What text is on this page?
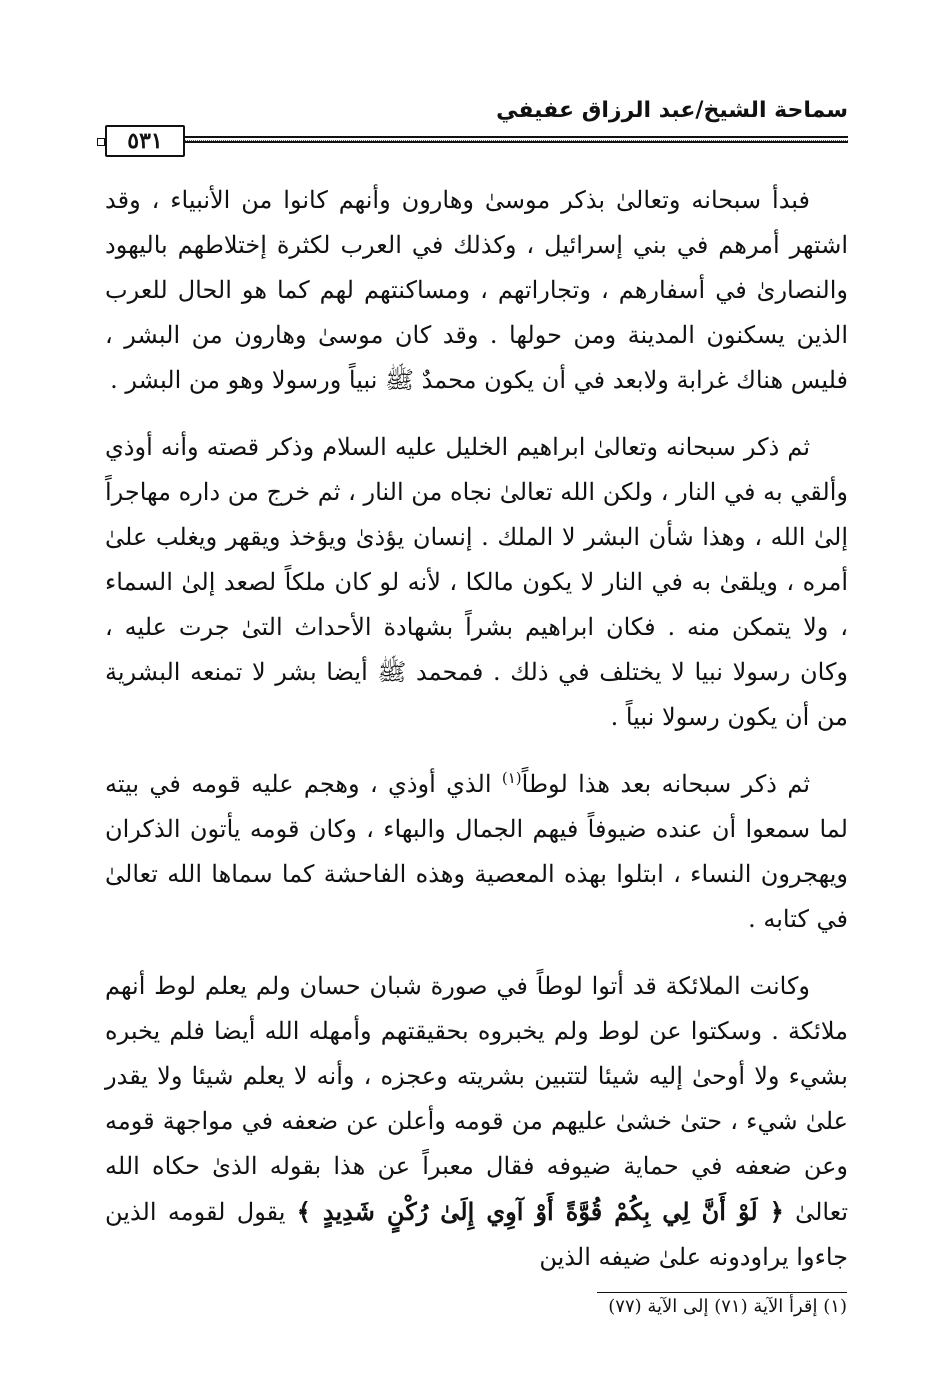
سماحة الشيخ/عبد الرزاق عفيفي
٥٣١

فبدأ سبحانه وتعالىٰ بذكر موسىٰ وهارون وأنهم كانوا من الأنبياء ، وقد اشتهر أمرهم في بني إسرائيل ، وكذلك في العرب لكثرة إختلاطهم باليهود والنصارىٰ في أسفارهم ، وتجاراتهم ، ومساكنتهم لهم كما هو الحال للعرب الذين يسكنون المدينة ومن حولها . وقد كان موسىٰ وهارون من البشر ، فليس هناك غرابة ولابعد في أن يكون محمدٌ ﷺ نبياً ورسولا وهو من البشر .

ثم ذكر سبحانه وتعالىٰ ابراهيم الخليل عليه السلام وذكر قصته وأنه أوذي وألقي به في النار ، ولكن الله تعالىٰ نجاه من النار ، ثم خرج من داره مهاجراً إلىٰ الله ، وهذا شأن البشر لا الملك . إنسان يؤذىٰ ويؤخذ ويقهر ويغلب علىٰ أمره ، ويلقىٰ به في النار لا يكون مالكا ، لأنه لو كان ملكاً لصعد إلىٰ السماء ، ولا يتمكن منه . فكان ابراهيم بشراً بشهادة الأحداث التىٰ جرت عليه ، وكان رسولا نبيا لا يختلف في ذلك . فمحمد ﷺ أيضا بشر لا تمنعه البشرية من أن يكون رسولا نبياً .

ثم ذكر سبحانه بعد هذا لوطاً$^{(١)}$ الذي أوذي ، وهجم عليه قومه في بيته لما سمعوا أن عنده ضيوفاً فيهم الجمال والبهاء ، وكان قومه يأتون الذكران ويهجرون النساء ، ابتلوا بهذه المعصية وهذه الفاحشة كما سماها الله تعالىٰ في كتابه .

وكانت الملائكة قد أتوا لوطاً في صورة شبان حسان ولم يعلم لوط أنهم ملائكة . وسكتوا عن لوط ولم يخبروه بحقيقتهم وأمهله الله أيضا فلم يخبره بشيء ولا أوحىٰ إليه شيئا لتتبين بشريته وعجزه ، وأنه لا يعلم شيئا ولا يقدر علىٰ شيء ، حتىٰ خشىٰ عليهم من قومه وأعلن عن ضعفه في مواجهة قومه وعن ضعفه في حماية ضيوفه فقال معبراً عن هذا بقوله الذىٰ حكاه الله تعالىٰ ﴿ لَوْ أَنَّ لِي بِكُمْ قُوَّةً أَوْ آوِي إِلَىٰ رُكْنٍ شَدِيدٍ ﴾ يقول لقومه الذين جاءوا يراودونه علىٰ ضيفه الذين

(١) إقرأ الآية (٧١) إلى الآية (٧٧)
